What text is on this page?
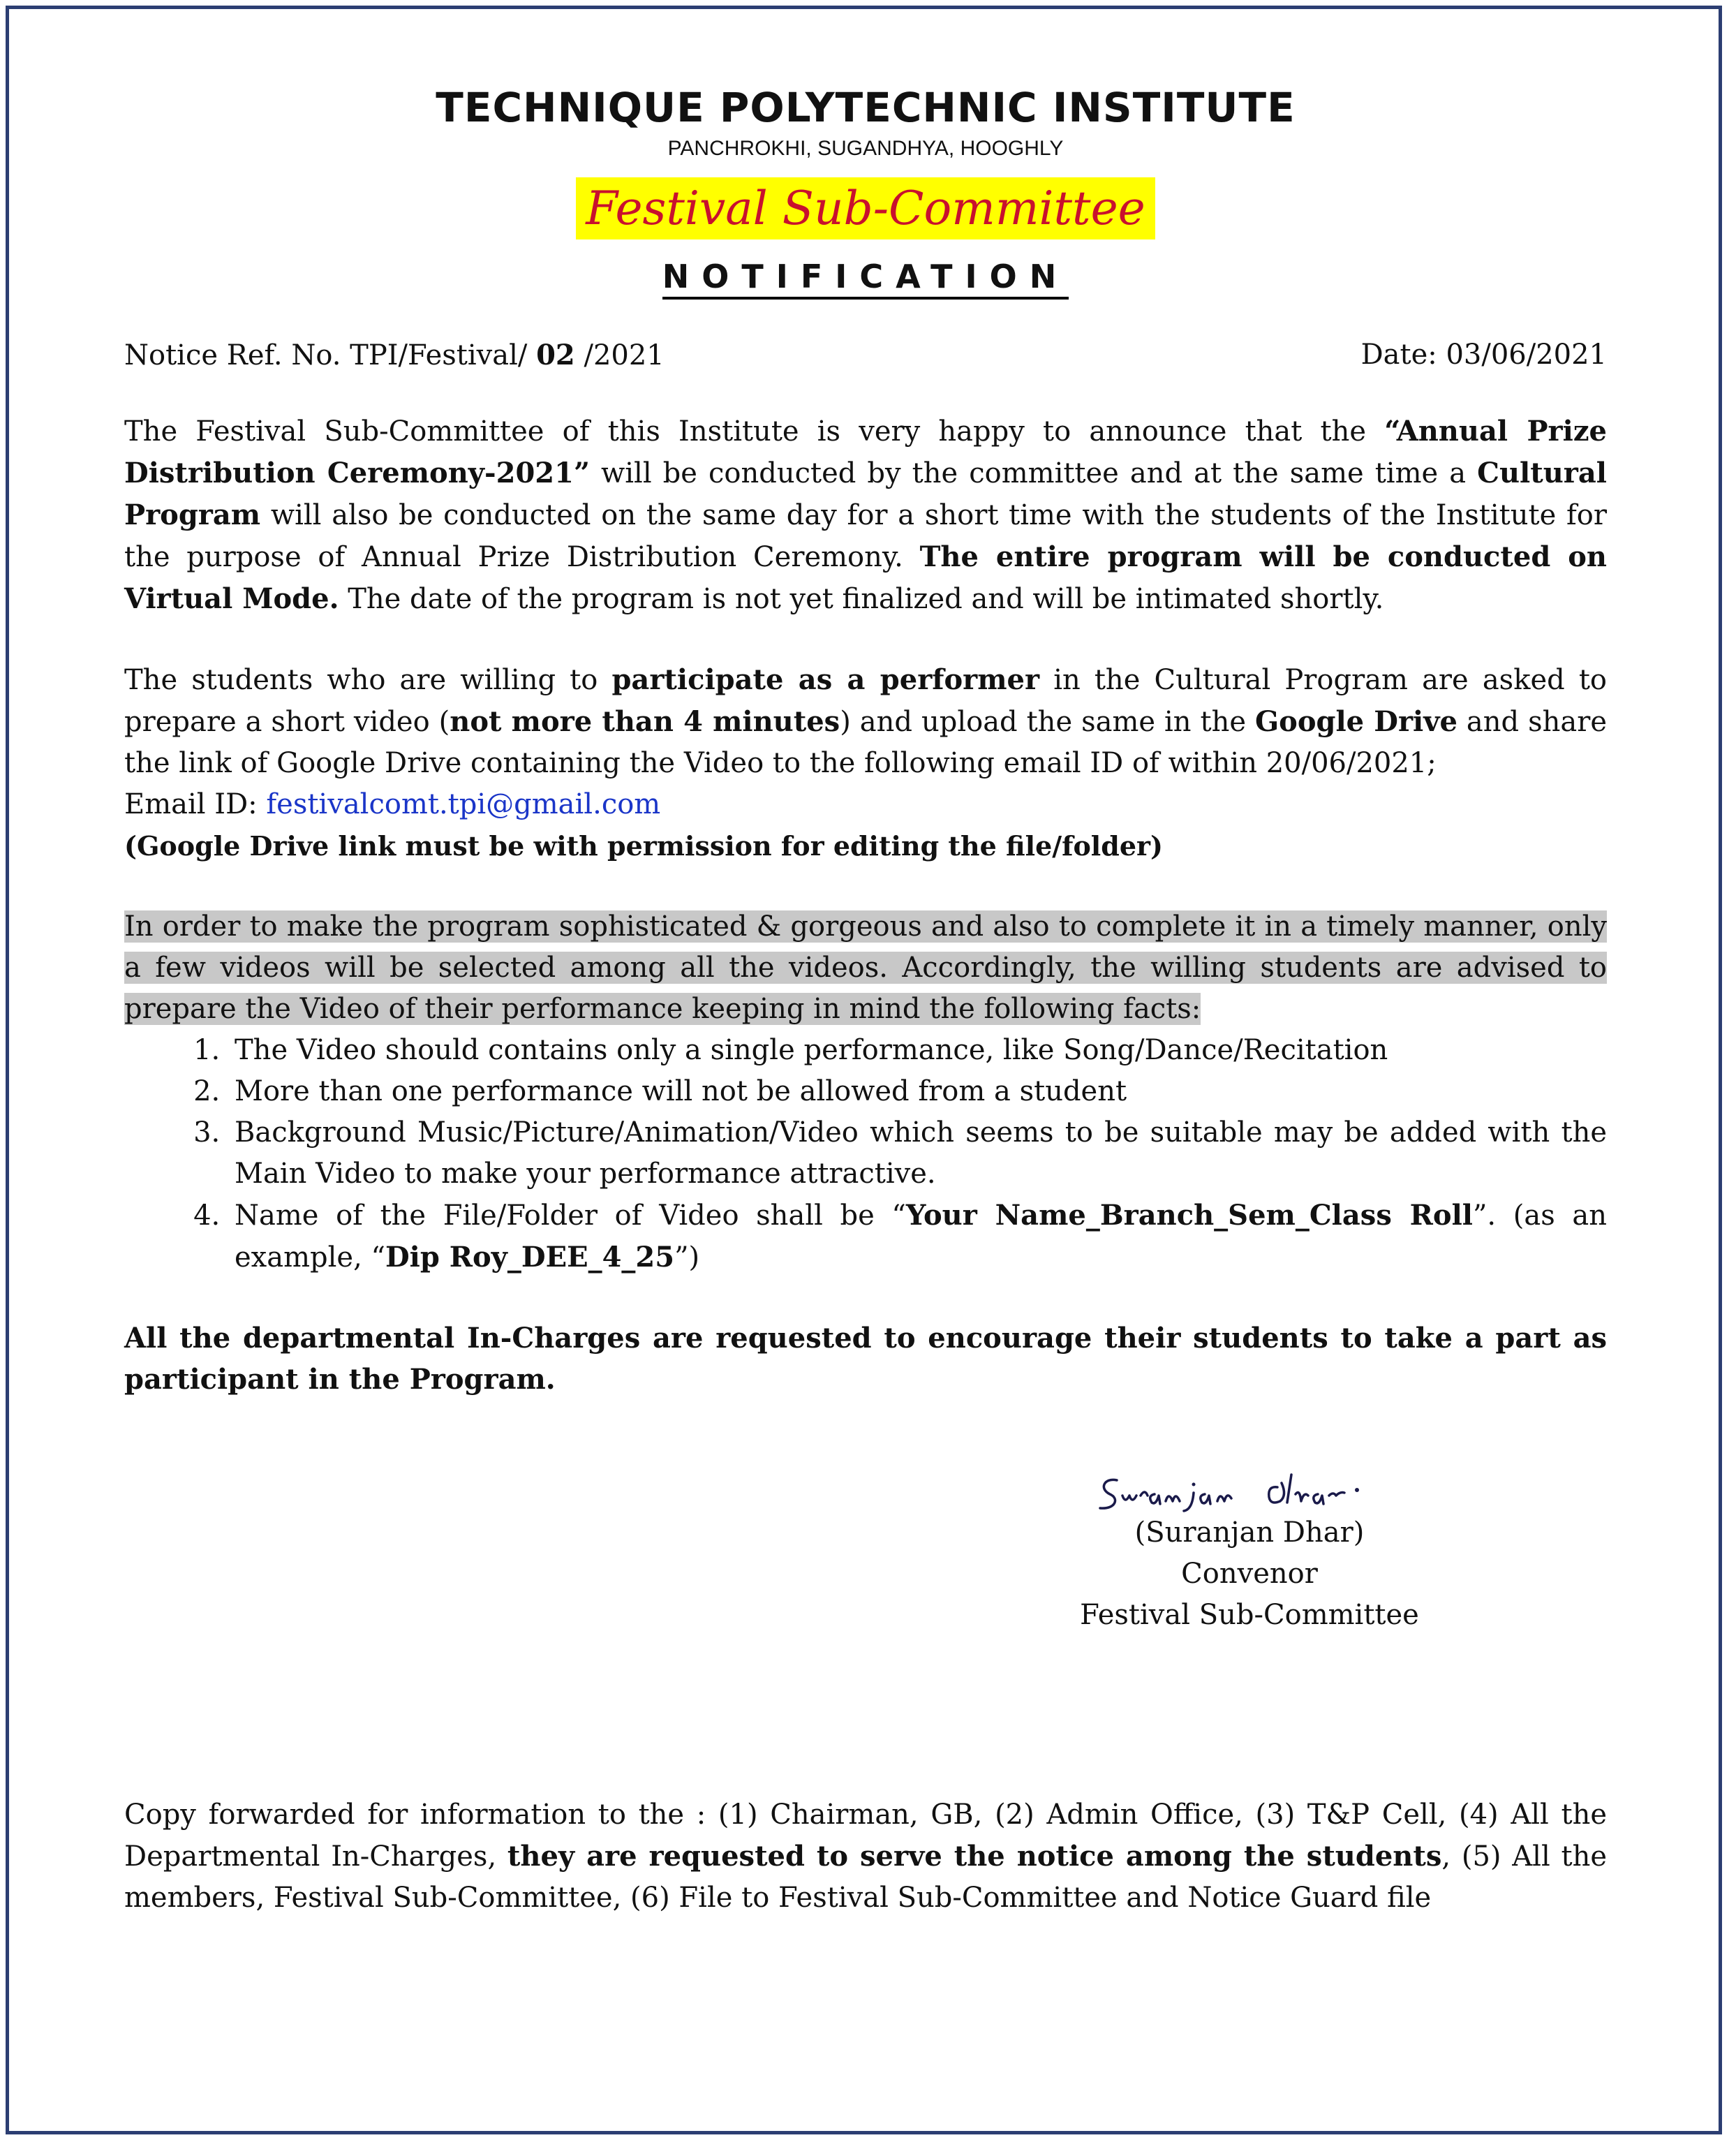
TECHNIQUE POLYTECHNIC INSTITUTE
PANCHROKHI, SUGANDHYA, HOOGHLY
Festival Sub-Committee
NOTIFICATION
Notice Ref. No. TPI/Festival/ 02 /2021	Date: 03/06/2021
The Festival Sub-Committee of this Institute is very happy to announce that the “Annual Prize Distribution Ceremony-2021” will be conducted by the committee and at the same time a Cultural Program will also be conducted on the same day for a short time with the students of the Institute for the purpose of Annual Prize Distribution Ceremony. The entire program will be conducted on Virtual Mode. The date of the program is not yet finalized and will be intimated shortly.
The students who are willing to participate as a performer in the Cultural Program are asked to prepare a short video (not more than 4 minutes) and upload the same in the Google Drive and share the link of Google Drive containing the Video to the following email ID of within 20/06/2021;
Email ID: festivalcomt.tpi@gmail.com
(Google Drive link must be with permission for editing the file/folder)
In order to make the program sophisticated & gorgeous and also to complete it in a timely manner, only a few videos will be selected among all the videos. Accordingly, the willing students are advised to prepare the Video of their performance keeping in mind the following facts:
1. The Video should contains only a single performance, like Song/Dance/Recitation
2. More than one performance will not be allowed from a student
3. Background Music/Picture/Animation/Video which seems to be suitable may be added with the Main Video to make your performance attractive.
4. Name of the File/Folder of Video shall be “Your Name_Branch_Sem_Class Roll”. (as an example, “Dip Roy_DEE_4_25”)
All the departmental In-Charges are requested to encourage their students to take a part as participant in the Program.
(Suranjan Dhar)
Convenor
Festival Sub-Committee
Copy forwarded for information to the : (1) Chairman, GB, (2) Admin Office, (3) T&P Cell, (4) All the Departmental In-Charges, they are requested to serve the notice among the students, (5) All the members, Festival Sub-Committee, (6) File to Festival Sub-Committee and Notice Guard file
